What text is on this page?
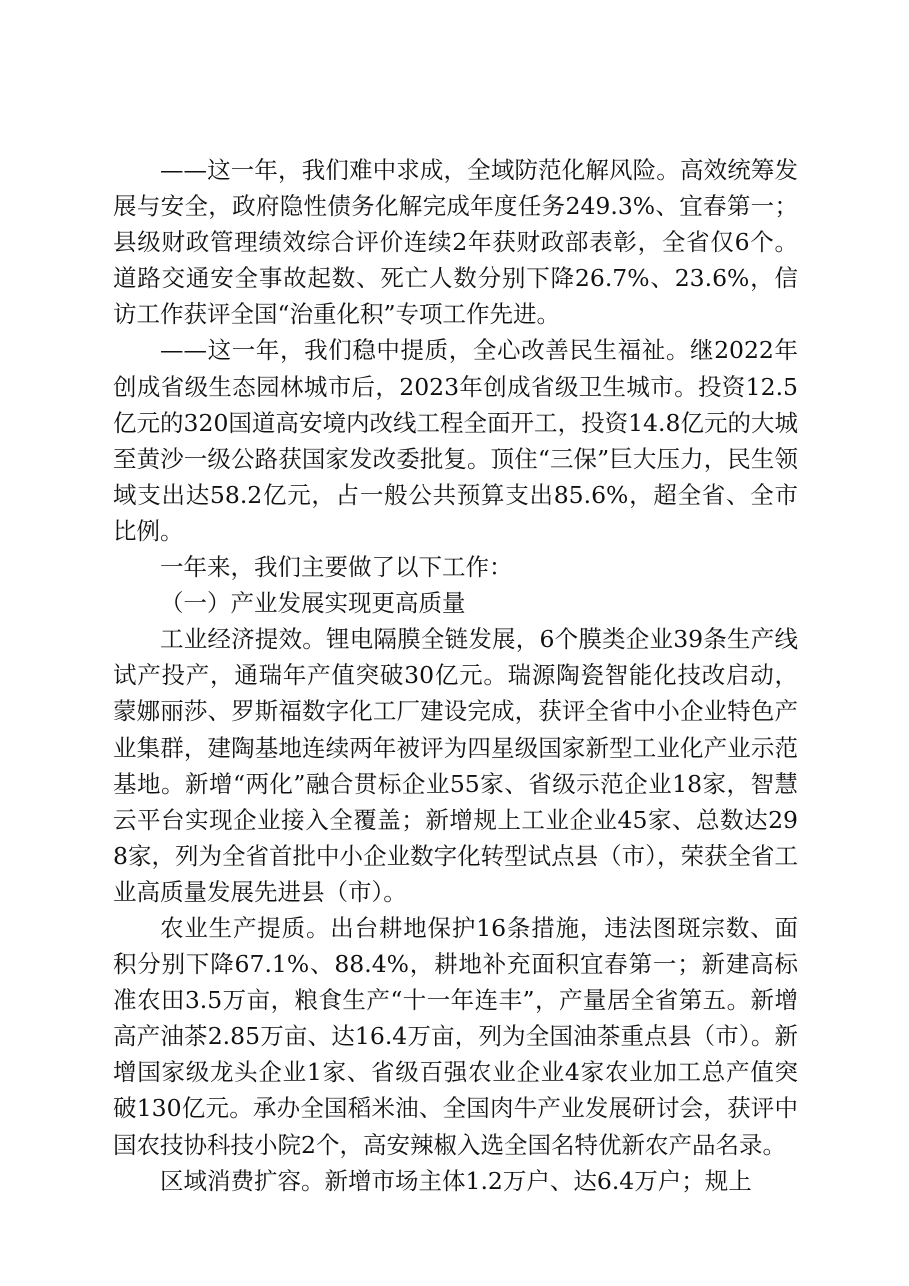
——这一年，我们难中求成，全域防范化解风险。高效统筹发展与安全，政府隐性债务化解完成年度任务249.3%、宜春第一；县级财政管理绩效综合评价连续2年获财政部表彰，全省仅6个。道路交通安全事故起数、死亡人数分别下降26.7%、23.6%，信访工作获评全国“治重化积”专项工作先进。

——这一年，我们稳中提质，全心改善民生福祉。继2022年创成省级生态园林城市后，2023年创成省级卫生城市。投资12.5亿元的320国道高安境内改线工程全面开工，投资14.8亿元的大城至黄沙一级公路获国家发改委批复。顶住“三保”巨大压力，民生领域支出达58.2亿元，占一般公共预算支出85.6%，超全省、全市比例。

一年来，我们主要做了以下工作：

（一）产业发展实现更高质量

工业经济提效。锂电隔膜全链发展，6个膜类企业39条生产线试产投产，通瑞年产值突破30亿元。瑞源陶瓷智能化技改启动，蒙娜丽莎、罗斯福数字化工厂建设完成，获评全省中小企业特色产业集群，建陶基地连续两年被评为四星级国家新型工业化产业示范基地。新增“两化”融合贯标企业55家、省级示范企业18家，智慧云平台实现企业接入全覆盖；新增规上工业企业45家、总数达298家，列为全省首批中小企业数字化转型试点县（市），荣获全省工业高质量发展先进县（市）。

农业生产提质。出台耕地保护16条措施，违法图斑宗数、面积分别下降67.1%、88.4%，耕地补充面积宜春第一；新建高标准农田3.5万亩，粮食生产“十一年连丰”，产量居全省第五。新增高产油茶2.85万亩、达16.4万亩，列为全国油茶重点县（市）。新增国家级龙头企业1家、省级百强农业企业4家农业加工总产值突破130亿元。承办全国稻米油、全国肉牛产业发展研讨会，获评中国农技协科技小院2个，高安辣椒入选全国名特优新农产品名录。

区域消费扩容。新增市场主体1.2万户、达6.4万户；规上
